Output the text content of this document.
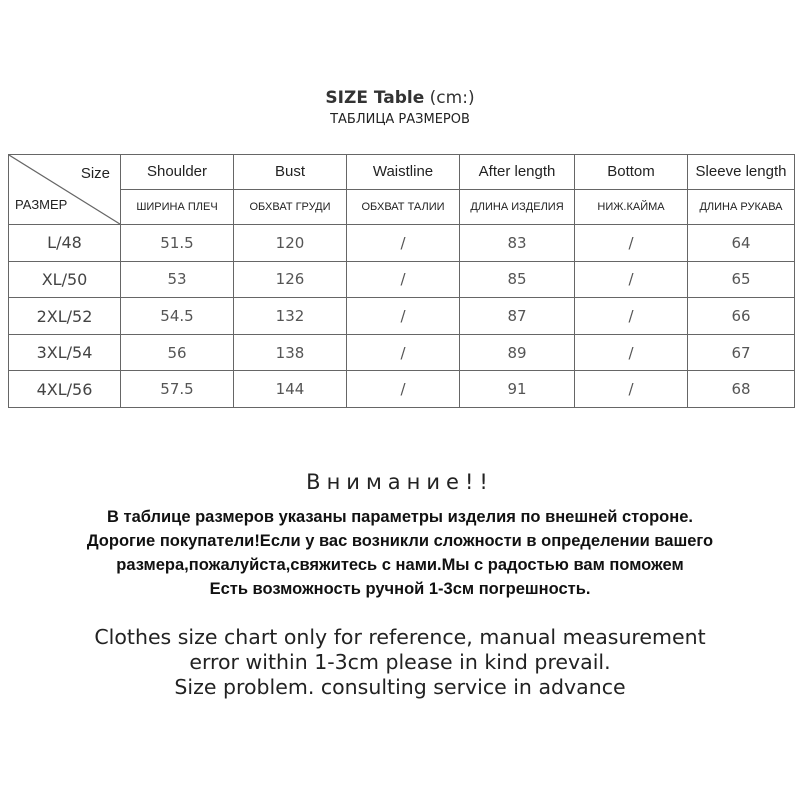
SIZE Table (cm:)
ТАБЛИЦА РАЗМЕРОВ
Size
РАЗМЕР	Shoulder	Bust	Waistline	After length	Bottom	Sleeve length
	ШИРИНА ПЛЕЧ	ОБХВАТ ГРУДИ	ОБХВАТ ТАЛИИ	ДЛИНА ИЗДЕЛИЯ	НИЖ.КАЙМА	ДЛИНА РУКАВА
L/48	51.5	120	/	83	/	64
XL/50	53	126	/	85	/	65
2XL/52	54.5	132	/	87	/	66
3XL/54	56	138	/	89	/	67
4XL/56	57.5	144	/	91	/	68
Внимание!!
В таблице размеров указаны параметры изделия по внешней стороне.
Дорогие покупатели!Если у вас возникли сложности в определении вашего
размера,пожалуйста,свяжитесь с нами.Мы с радостью вам поможем
Есть возможность ручной 1-3см погрешность.
Clothes size chart only for reference, manual measurement
error within 1-3cm please in kind prevail.
Size problem. consulting service in advance
